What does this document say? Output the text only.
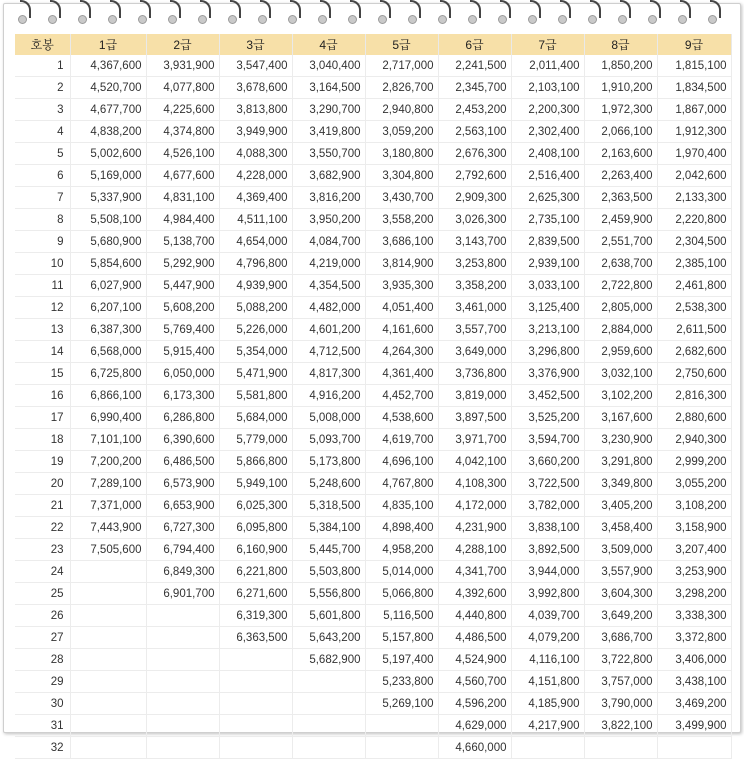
호봉	1급	2급	3급	4급	5급	6급	7급	8급	9급
1	4,367,600	3,931,900	3,547,400	3,040,400	2,717,000	2,241,500	2,011,400	1,850,200	1,815,100
2	4,520,700	4,077,800	3,678,600	3,164,500	2,826,700	2,345,700	2,103,100	1,910,200	1,834,500
3	4,677,700	4,225,600	3,813,800	3,290,700	2,940,800	2,453,200	2,200,300	1,972,300	1,867,000
4	4,838,200	4,374,800	3,949,900	3,419,800	3,059,200	2,563,100	2,302,400	2,066,100	1,912,300
5	5,002,600	4,526,100	4,088,300	3,550,700	3,180,800	2,676,300	2,408,100	2,163,600	1,970,400
6	5,169,000	4,677,600	4,228,000	3,682,900	3,304,800	2,792,600	2,516,400	2,263,400	2,042,600
7	5,337,900	4,831,100	4,369,400	3,816,200	3,430,700	2,909,300	2,625,300	2,363,500	2,133,300
8	5,508,100	4,984,400	4,511,100	3,950,200	3,558,200	3,026,300	2,735,100	2,459,900	2,220,800
9	5,680,900	5,138,700	4,654,000	4,084,700	3,686,100	3,143,700	2,839,500	2,551,700	2,304,500
10	5,854,600	5,292,900	4,796,800	4,219,000	3,814,900	3,253,800	2,939,100	2,638,700	2,385,100
11	6,027,900	5,447,900	4,939,900	4,354,500	3,935,300	3,358,200	3,033,100	2,722,800	2,461,800
12	6,207,100	5,608,200	5,088,200	4,482,000	4,051,400	3,461,000	3,125,400	2,805,000	2,538,300
13	6,387,300	5,769,400	5,226,000	4,601,200	4,161,600	3,557,700	3,213,100	2,884,000	2,611,500
14	6,568,000	5,915,400	5,354,000	4,712,500	4,264,300	3,649,000	3,296,800	2,959,600	2,682,600
15	6,725,800	6,050,000	5,471,900	4,817,300	4,361,400	3,736,800	3,376,900	3,032,100	2,750,600
16	6,866,100	6,173,300	5,581,800	4,916,200	4,452,700	3,819,000	3,452,500	3,102,200	2,816,300
17	6,990,400	6,286,800	5,684,000	5,008,000	4,538,600	3,897,500	3,525,200	3,167,600	2,880,600
18	7,101,100	6,390,600	5,779,000	5,093,700	4,619,700	3,971,700	3,594,700	3,230,900	2,940,300
19	7,200,200	6,486,500	5,866,800	5,173,800	4,696,100	4,042,100	3,660,200	3,291,800	2,999,200
20	7,289,100	6,573,900	5,949,100	5,248,600	4,767,800	4,108,300	3,722,500	3,349,800	3,055,200
21	7,371,000	6,653,900	6,025,300	5,318,500	4,835,100	4,172,000	3,782,000	3,405,200	3,108,200
22	7,443,900	6,727,300	6,095,800	5,384,100	4,898,400	4,231,900	3,838,100	3,458,400	3,158,900
23	7,505,600	6,794,400	6,160,900	5,445,700	4,958,200	4,288,100	3,892,500	3,509,000	3,207,400
24		6,849,300	6,221,800	5,503,800	5,014,000	4,341,700	3,944,000	3,557,900	3,253,900
25		6,901,700	6,271,600	5,556,800	5,066,800	4,392,600	3,992,800	3,604,300	3,298,200
26			6,319,300	5,601,800	5,116,500	4,440,800	4,039,700	3,649,200	3,338,300
27			6,363,500	5,643,200	5,157,800	4,486,500	4,079,200	3,686,700	3,372,800
28				5,682,900	5,197,400	4,524,900	4,116,100	3,722,800	3,406,000
29					5,233,800	4,560,700	4,151,800	3,757,000	3,438,100
30					5,269,100	4,596,200	4,185,900	3,790,000	3,469,200
31						4,629,000	4,217,900	3,822,100	3,499,900
32						4,660,000			
